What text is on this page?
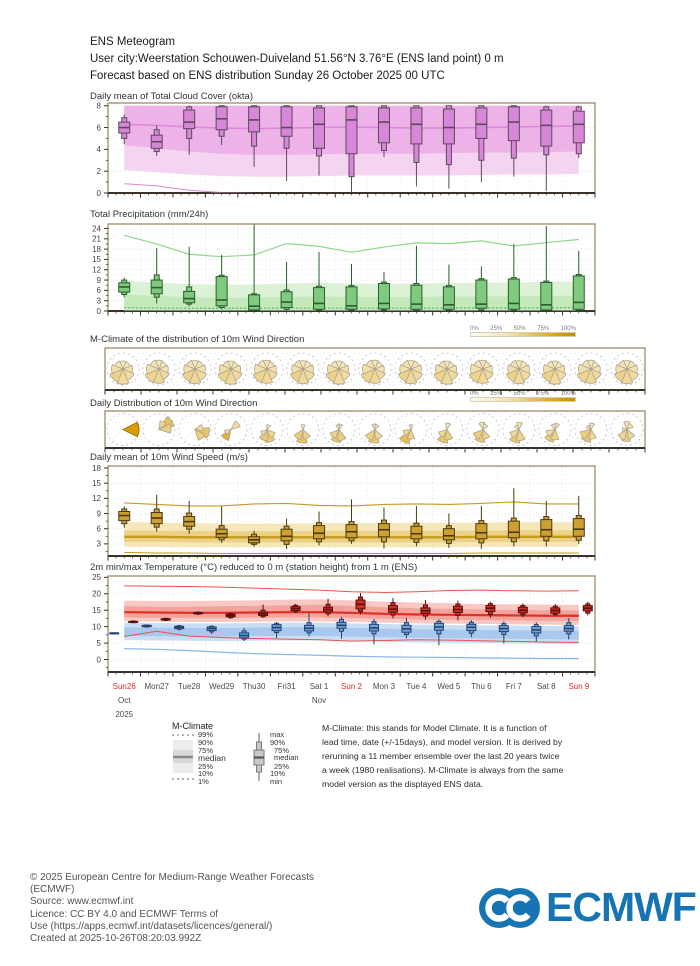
ENS Meteogram
User city:Weerstation Schouwen-Duiveland 51.56°N 3.76°E (ENS land point) 0 m
Forecast based on ENS distribution Sunday 26 October 2025 00 UTC
Daily mean of Total Cloud Cover (okta)
Total Precipitation (mm/24h)
M-Climate of the distribution of 10m Wind Direction
Daily Distribution of 10m Wind Direction
Daily mean of 10m Wind Speed (m/s)
2m min/max Temperature (°C) reduced to 0 m (station height) from 1 m (ENS)
0% 25% 50% 75% 100%
0% 25% 50% 75% 100%
0
2
4
6
8
0
3
6
9
12
15
18
21
24
3
6
9
12
15
18
0
5
10
15
20
25
Sun26	Mon27	Tue28	Wed29	Thu30	Fri31	Sat 1	Sun 2	Mon 3	Tue 4	Wed 5	Thu 6	Fri 7	Sat 8	Sun 9
Oct
2025
Nov
M-Climate
99%
90%
75%
median
25%
10%
1%
max
90%
75%
median
25%
10%
min
M-Climate: this stands for Model Climate. It is a function of lead time, date (+/-15days), and model version. It is derived by rerunning a 11 member ensemble over the last 20 years twice a week (1980 realisations). M-Climate is always from the same model version as the displayed ENS data.
© 2025 European Centre for Medium-Range Weather Forecasts
(ECMWF)
Source: www.ecmwf.int
Licence: CC BY 4.0 and ECMWF Terms of
Use (https://apps.ecmwf.int/datasets/licences/general/)
Created at 2025-10-26T08:20:03.992Z
ECMWF
